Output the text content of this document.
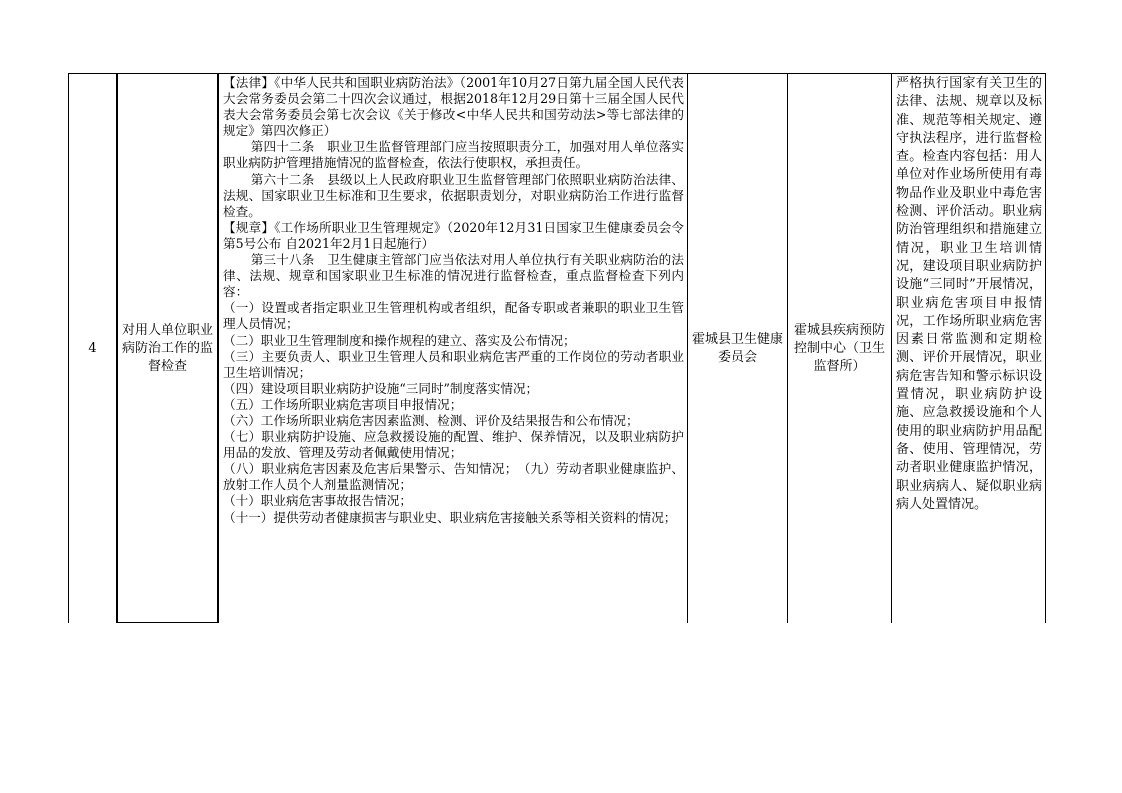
4
对用人单位职业病防治工作的监督检查

【法律】《中华人民共和国职业病防治法》（2001年10月27日第九届全国人民代表大会常务委员会第二十四次会议通过，根据2018年12月29日第十三届全国人民代表大会常务委员会第七次会议《关于修改<中华人民共和国劳动法>等七部法律的规定》第四次修正）

第四十二条　职业卫生监督管理部门应当按照职责分工，加强对用人单位落实职业病防护管理措施情况的监督检查，依法行使职权，承担责任。

第六十二条　县级以上人民政府职业卫生监督管理部门依照职业病防治法律、法规、国家职业卫生标准和卫生要求，依据职责划分，对职业病防治工作进行监督检查。

【规章】《工作场所职业卫生管理规定》（2020年12月31日国家卫生健康委员会令第5号公布 自2021年2月1日起施行）

第三十八条　卫生健康主管部门应当依法对用人单位执行有关职业病防治的法律、法规、规章和国家职业卫生标准的情况进行监督检查，重点监督检查下列内容：

（一）设置或者指定职业卫生管理机构或者组织，配备专职或者兼职的职业卫生管理人员情况；

（二）职业卫生管理制度和操作规程的建立、落实及公布情况；

（三）主要负责人、职业卫生管理人员和职业病危害严重的工作岗位的劳动者职业卫生培训情况；

（四）建设项目职业病防护设施“三同时”制度落实情况；

（五）工作场所职业病危害项目申报情况；

（六）工作场所职业病危害因素监测、检测、评价及结果报告和公布情况；

（七）职业病防护设施、应急救援设施的配置、维护、保养情况，以及职业病防护用品的发放、管理及劳动者佩戴使用情况；

（八）职业病危害因素及危害后果警示、告知情况；　（九）劳动者职业健康监护、放射工作人员个人剂量监测情况；

（十）职业病危害事故报告情况；

（十一）提供劳动者健康损害与职业史、职业病危害接触关系等相关资料的情况；

霍城县卫生健康委员会
霍城县疾病预防控制中心（卫生监督所）
严格执行国家有关卫生的法律、法规、规章以及标准、规范等相关规定、遵守执法程序，进行监督检查。检查内容包括：用人单位对作业场所使用有毒物品作业及职业中毒危害检测、评价活动。职业病防治管理组织和措施建立情况，职业卫生培训情况，建设项目职业病防护设施“三同时”开展情况，职业病危害项目申报情况，工作场所职业病危害因素日常监测和定期检测、评价开展情况，职业病危害告知和警示标识设置情况，职业病防护设施、应急救援设施和个人使用的职业病防护用品配备、使用、管理情况，劳动者职业健康监护情况，职业病病人、疑似职业病病人处置情况。
